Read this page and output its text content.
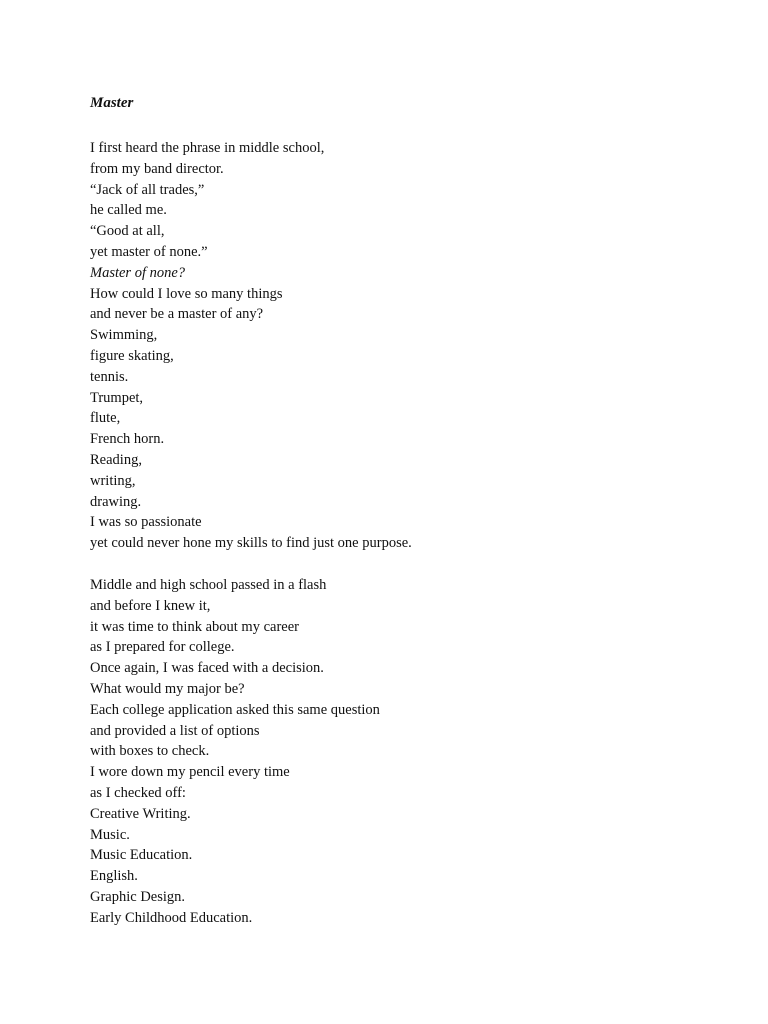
Master
I first heard the phrase in middle school,
from my band director.
“Jack of all trades,”
he called me.
“Good at all,
yet master of none.”
Master of none?
How could I love so many things
and never be a master of any?
Swimming,
figure skating,
tennis.
Trumpet,
flute,
French horn.
Reading,
writing,
drawing.
I was so passionate
yet could never hone my skills to find just one purpose.
Middle and high school passed in a flash
and before I knew it,
it was time to think about my career
as I prepared for college.
Once again, I was faced with a decision.
What would my major be?
Each college application asked this same question
and provided a list of options
with boxes to check.
I wore down my pencil every time
as I checked off:
Creative Writing.
Music.
Music Education.
English.
Graphic Design.
Early Childhood Education.
